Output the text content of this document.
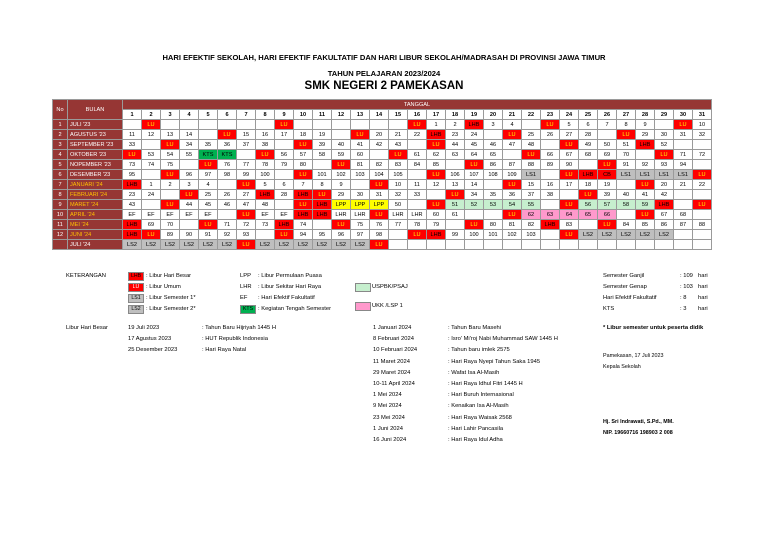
HARI EFEKTIF SEKOLAH, HARI EFEKTIF FAKULTATIF DAN HARI LIBUR SEKOLAH/MADRASAH DI PROVINSI JAWA TIMUR
TAHUN PELAJARAN 2023/2024
SMK NEGERI 2 PAMEKASAN
No	BULAN	TANGGAL																														
		1	2	3	4	5	6	7	8	9	10	11	12	13	14	15	16	17	18	19	20	21	22	23	24	25	26	27	28	29	30	31
1	JULI '23		LU							LU							LU	1	2	LHB	3	4		LU	5	6	7	8	9		LU	10
2	AGUSTUS '23	11	12	13	14		LU	15	16	17	18	19		LU	20	21	22	LHB	23	24		LU	25	26	27	28		LU	29	30	31	32
3	SEPTEMBER '23	33		LU	34	35	36	37	38		LU	39	40	41	42	43		LU	44	45	46	47	48		LU	49	50	51	LHB	52		
4	OKTOBER '23	LU	53	54	55	KTS	KTS		LU	56	57	58	59	60		LU	61	62	63	64	65		LU	66	67	68	69	70		LU	71	72
5	NOPEMBER '23	73	74	75		LU	76	77	78	79	80		LU	81	82	83	84	85		LU	86	87	88	89	90		LU	91	92	93	94	
6	DESEMBER '23	95		LU	96	97	98	99	100		LU	101	102	103	104	105		LU	106	107	108	109	LS1		LU	LHB	CB	LS1	LS1	LS1	LS1	LU
7	JANUARI '24	LHB	1	2	3	4		LU	5	6	7	8	9		LU	10	11	12	13	14		LU	15	16	17	18	19		LU	20	21	22
8	FEBRUARI '24	23	24		LU	25	26	27	LHB	28	LHB	LU	29	30	31	32	33		LU	34	35	36	37	38		LU	39	40	41	42		
9	MARET '24	43		LU	44	45	46	47	48		LU	LHB	LPP	LPP	LPP	50		LU	51	52	53	54	55		LU	56	57	58	59	LHB		LU
10	APRIL '24	EF	EF	EF	EF	EF		LU	EF	EF	LHB	LHB	LHR	LHR	LU	LHR	LHR	60	61			LU	62	63	64	65	66		LU	67	68	
11	MEI '24	LHB	69	70		LU	71	72	73	LHB	74		LU	75	76	77	78	79		LU	80	81	82	LHB	83		LU	84	85	86	87	88
12	JUNI '24	LHB	LU	89	90	91	92	93		LU	94	95	96	97	98		LU	LHB	99	100	101	102	103		LU	LS2	LS2	LS2	LS2	LS2		
	JULI '24	LS2	LS2	LS2	LS2	LS2	LS2	LU	LS2	LS2	LS2	LS2	LS2	LS2	LU																	
KETERANGAN	LHB : Libur Hari Besar
LU	: Libur Umum
LS1 : Libur Semester 1*
LS2 : Libur Semester 2*
LPP : Libur Permulaan Puasa
LHR : Libur Sekitar Hari Raya
EF : Hari Efektif Fakultatif
KTS : Kegiatan Tengah Semester
USPBK/PSAJ
UKK /LSP 1
Semester Ganjil	: 109 hari
Semester Genap	: 103 hari
Hari Efektif Fakultatif	: 8 hari
KTS	: 3 hari
Libur Hari Besar	19 Juli 2023	: Tahun Baru Hijriyah 1445 H
17 Agustus 2023	: HUT Republik Indonesia
25 Desember 2023	: Hari Raya Natal
1 Januari 2024	: Tahun Baru Masehi
8 Februari 2024	: Isro' Mi'roj Nabi Muhammad SAW 1445 H
10 Februari 2024	: Tahun baru imlek 2575
11 Maret 2024	: Hari Raya Nyepi Tahun Saka 1945
29 Maret 2024	: Wafat Isa Al-Masih
10-11 April 2024	: Hari Raya Idhul Fitri 1445 H
1 Mei 2024	: Hari Buruh Internasional
9 Mei 2024	: Kenaikan Isa Al-Masih
23 Mei 2024	: Hari Raya Waisak 2568
1 Juni 2024	: Hari Lahir Pancasila
16 Juni 2024	: Hari Raya Idul Adha
* Libur semester untuk peserta didik
Pamekasan, 17 Juli 2023
Kepala Sekolah
Hj. Sri Indrawati, S.Pd., MM.
NIP. 19660716 198903 2 008
